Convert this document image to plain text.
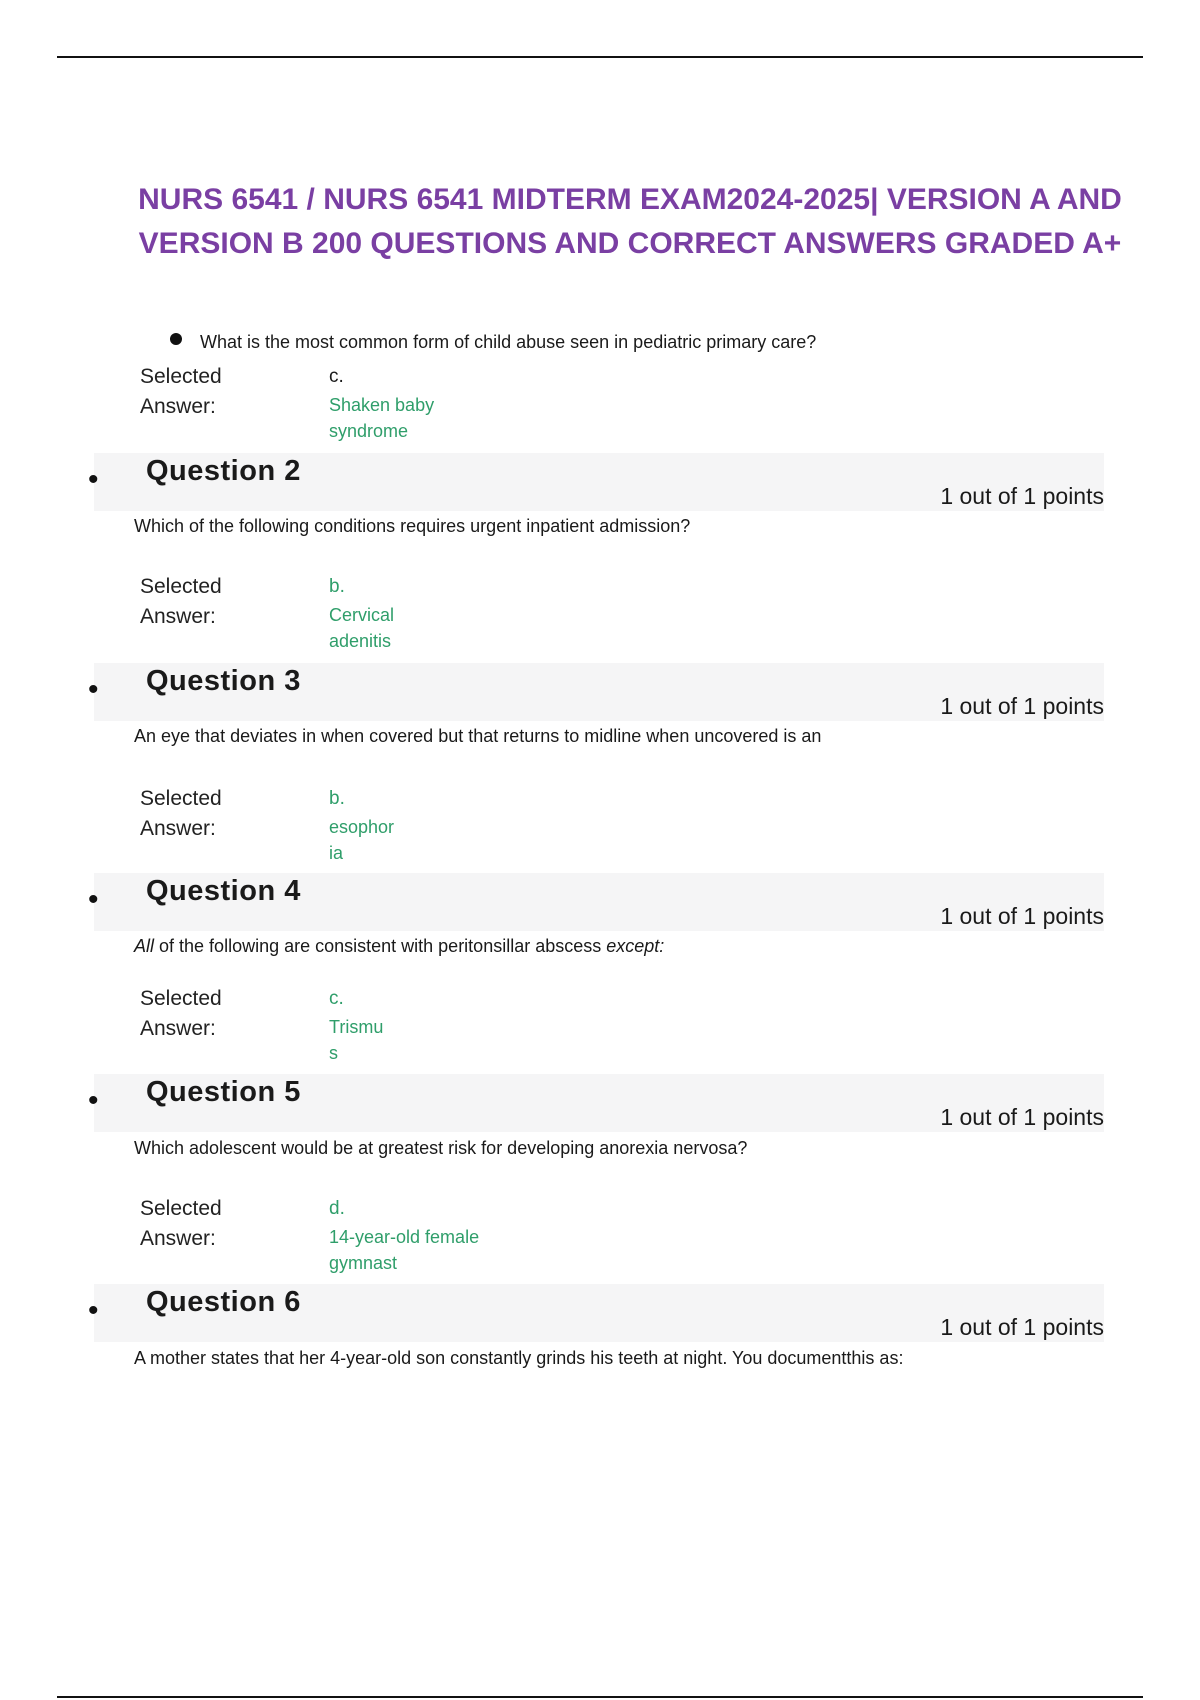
NURS 6541 / NURS 6541 MIDTERM EXAM2024-2025| VERSION A AND VERSION B 200 QUESTIONS AND CORRECT ANSWERS GRADED A+
What is the most common form of child abuse seen in pediatric primary care?
Selected
Answer:
c.
Shaken baby
syndrome
• Question 2
1 out of 1 points
Which of the following conditions requires urgent inpatient admission?
Selected
Answer:
b.
Cervical
adenitis
• Question 3
1 out of 1 points
An eye that deviates in when covered but that returns to midline when uncovered is an
Selected
Answer:
b.
esophor
ia
• Question 4
1 out of 1 points
All of the following are consistent with peritonsillar abscess except:
Selected
Answer:
c.
Trismu
s
• Question 5
1 out of 1 points
Which adolescent would be at greatest risk for developing anorexia nervosa?
Selected
Answer:
d.
14-year-old female
gymnast
• Question 6
1 out of 1 points
A mother states that her 4-year-old son constantly grinds his teeth at night. You documentthis as:
